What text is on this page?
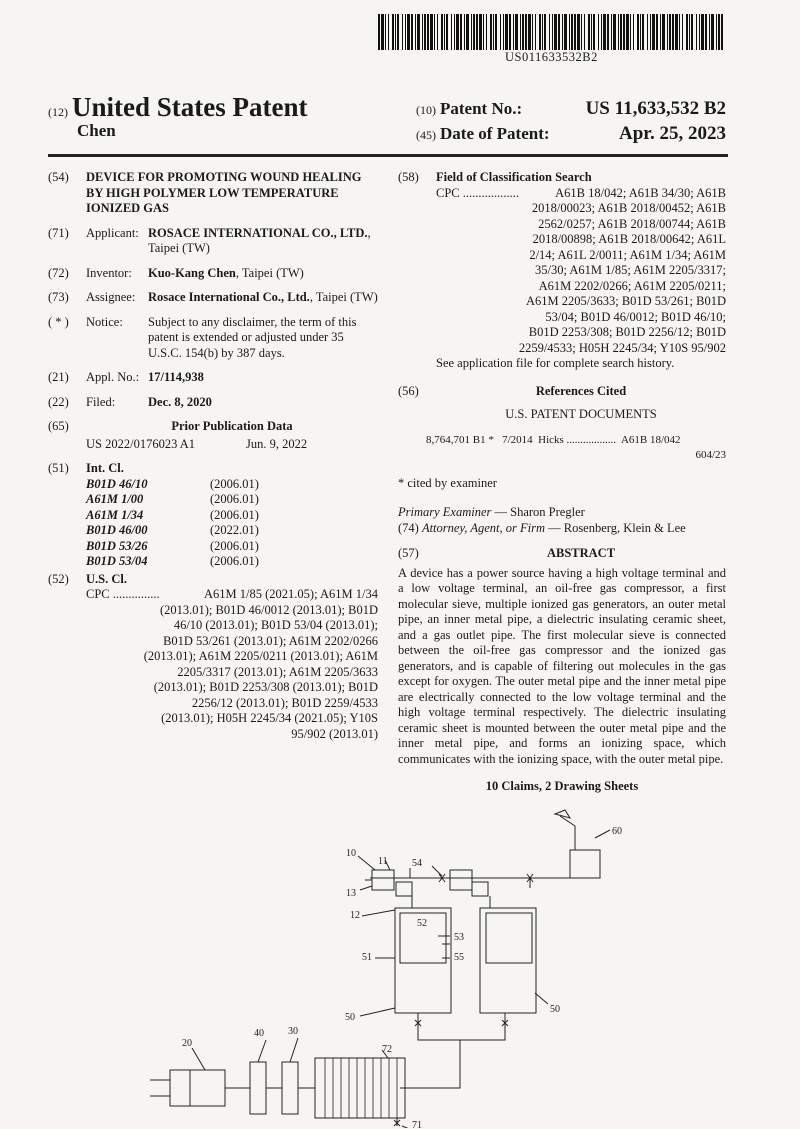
US011633532B2
(12) United States Patent
Chen
(10) Patent No.:	US 11,633,532 B2
(45) Date of Patent:	Apr. 25, 2023
(54)	DEVICE FOR PROMOTING WOUND HEALING BY HIGH POLYMER LOW TEMPERATURE IONIZED GAS
(71)	Applicant: ROSACE INTERNATIONAL CO., LTD., Taipei (TW)
(72)	Inventor:	Kuo-Kang Chen, Taipei (TW)
(73)	Assignee:	Rosace International Co., Ltd., Taipei (TW)
( * )	Notice:	Subject to any disclaimer, the term of this patent is extended or adjusted under 35 U.S.C. 154(b) by 387 days.
(21)	Appl. No.: 17/114,938
(22)	Filed:	Dec. 8, 2020
(65)	Prior Publication Data
US 2022/0176023 A1	Jun. 9, 2022
(51)	Int. Cl.
B01D 46/10	(2006.01)
A61M 1/00	(2006.01)
A61M 1/34	(2006.01)
B01D 46/00	(2022.01)
B01D 53/26	(2006.01)
B01D 53/04	(2006.01)
(52)	U.S. Cl.
CPC ...............	A61M 1/85 (2021.05); A61M 1/34
(2013.01); B01D 46/0012 (2013.01); B01D
46/10 (2013.01); B01D 53/04 (2013.01);
B01D 53/261 (2013.01); A61M 2202/0266
(2013.01); A61M 2205/0211 (2013.01); A61M
2205/3317 (2013.01); A61M 2205/3633
(2013.01); B01D 2253/308 (2013.01); B01D
2256/12 (2013.01); B01D 2259/4533
(2013.01); H05H 2245/34 (2021.05); Y10S
95/902 (2013.01)
(58)	Field of Classification Search
CPC ..................	A61B 18/042; A61B 34/30; A61B
2018/00023; A61B 2018/00452; A61B
2562/0257; A61B 2018/00744; A61B
2018/00898; A61B 2018/00642; A61L
2/14; A61L 2/0011; A61M 1/34; A61M
35/30; A61M 1/85; A61M 2205/3317;
A61M 2202/0266; A61M 2205/0211;
A61M 2205/3633; B01D 53/261; B01D
53/04; B01D 46/0012; B01D 46/10;
B01D 2253/308; B01D 2256/12; B01D
2259/4533; H05H 2245/34; Y10S 95/902
See application file for complete search history.
(56)	References Cited
U.S. PATENT DOCUMENTS
8,764,701 B1 *   7/2014  Hicks ..................  A61B 18/042
604/23
* cited by examiner
Primary Examiner — Sharon Pregler
(74) Attorney, Agent, or Firm — Rosenberg, Klein & Lee
(57)	ABSTRACT
A device has a power source having a high voltage terminal and a low voltage terminal, an oil-free gas compressor, a first molecular sieve, multiple ionized gas generators, an outer metal pipe, an inner metal pipe, a dielectric insulating ceramic sheet, and a gas outlet pipe. The first molecular sieve is connected between the oil-free gas compressor and the ionized gas generators, and is capable of filtering out molecules in the gas except for oxygen. The outer metal pipe and the inner metal pipe are electrically connected to the low voltage terminal and the high voltage terminal respectively. The dielectric insulating ceramic sheet is mounted between the outer metal pipe and the inner metal pipe, and forms an ionizing space, which communicates with the ionizing space, with the outer metal pipe.
10 Claims, 2 Drawing Sheets
60
10
11 54
13
12
52
53
55
51
50
50
20
40 30
72
71
